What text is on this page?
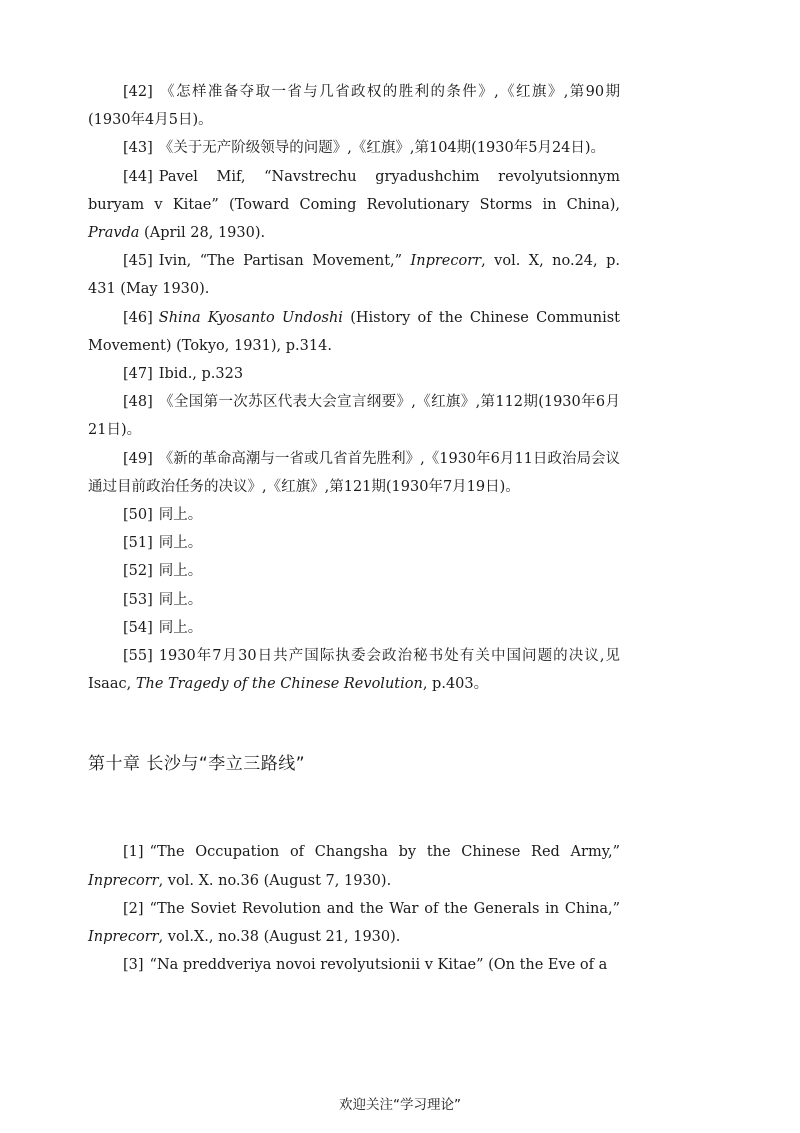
[42] 《怎样准备夺取一省与几省政权的胜利的条件》,《红旗》,第90期(1930年4月5日)。

[43] 《关于无产阶级领导的问题》,《红旗》,第104期(1930年5月24日)。

[44] Pavel Mif, “Navstrechu gryadushchim revolyutsionnym buryam v Kitae” (Toward Coming Revolutionary Storms in China), Pravda (April 28, 1930).

[45] Ivin, “The Partisan Movement,” Inprecorr, vol. X, no.24, p. 431 (May 1930).

[46] Shina Kyosanto Undoshi (History of the Chinese Communist Movement) (Tokyo, 1931), p.314.

[47] Ibid., p.323

[48] 《全国第一次苏区代表大会宣言纲要》,《红旗》,第112期(1930年6月21日)。

[49] 《新的革命高潮与一省或几省首先胜利》,《1930年6月11日政治局会议通过目前政治任务的决议》,《红旗》,第121期(1930年7月19日)。

[50] 同上。

[51] 同上。

[52] 同上。

[53] 同上。

[54] 同上。

[55] 1930年7月30日共产国际执委会政治秘书处有关中国问题的决议,见 Isaac, The Tragedy of the Chinese Revolution, p.403。

第十章 长沙与“李立三路线”

[1] “The Occupation of Changsha by the Chinese Red Army,” Inprecorr, vol. X. no.36 (August 7, 1930).

[2] “The Soviet Revolution and the War of the Generals in China,” Inprecorr, vol.X., no.38 (August 21, 1930).

[3] “Na preddveriya novoi revolyutsionii v Kitae” (On the Eve of a

欢迎关注“学习理论”
